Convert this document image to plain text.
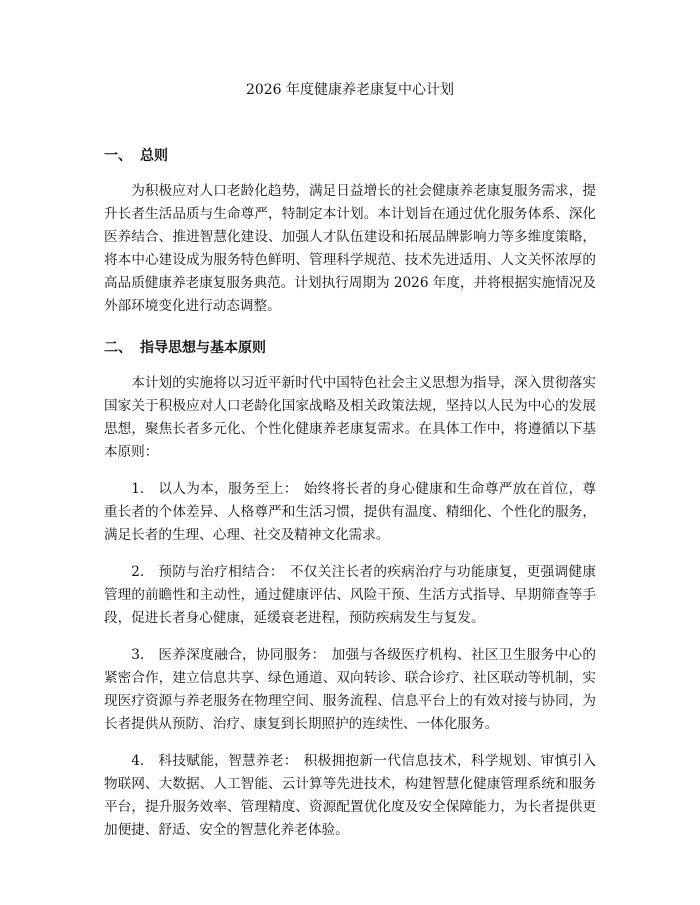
2026 年度健康养老康复中心计划
一、 总则

为积极应对人口老龄化趋势，满足日益增长的社会健康养老康复服务需求，提升长者生活品质与生命尊严，特制定本计划。本计划旨在通过优化服务体系、深化医养结合、推进智慧化建设、加强人才队伍建设和拓展品牌影响力等多维度策略，将本中心建设成为服务特色鲜明、管理科学规范、技术先进适用、人文关怀浓厚的高品质健康养老康复服务典范。计划执行周期为 2026 年度，并将根据实施情况及外部环境变化进行动态调整。

二、 指导思想与基本原则

本计划的实施将以习近平新时代中国特色社会主义思想为指导，深入贯彻落实国家关于积极应对人口老龄化国家战略及相关政策法规，坚持以人民为中心的发展思想，聚焦长者多元化、个性化健康养老康复需求。在具体工作中，将遵循以下基本原则：

1.　以人为本，服务至上： 始终将长者的身心健康和生命尊严放在首位，尊重长者的个体差异、人格尊严和生活习惯，提供有温度、精细化、个性化的服务，满足长者的生理、心理、社交及精神文化需求。

2.　预防与治疗相结合： 不仅关注长者的疾病治疗与功能康复，更强调健康管理的前瞻性和主动性，通过健康评估、风险干预、生活方式指导、早期筛查等手段，促进长者身心健康，延缓衰老进程，预防疾病发生与复发。

3.　医养深度融合，协同服务： 加强与各级医疗机构、社区卫生服务中心的紧密合作，建立信息共享、绿色通道、双向转诊、联合诊疗、社区联动等机制，实现医疗资源与养老服务在物理空间、服务流程、信息平台上的有效对接与协同，为长者提供从预防、治疗、康复到长期照护的连续性、一体化服务。

4.　科技赋能，智慧养老： 积极拥抱新一代信息技术，科学规划、审慎引入物联网、大数据、人工智能、云计算等先进技术，构建智慧化健康管理系统和服务平台，提升服务效率、管理精度、资源配置优化度及安全保障能力，为长者提供更加便捷、舒适、安全的智慧化养老体验。
